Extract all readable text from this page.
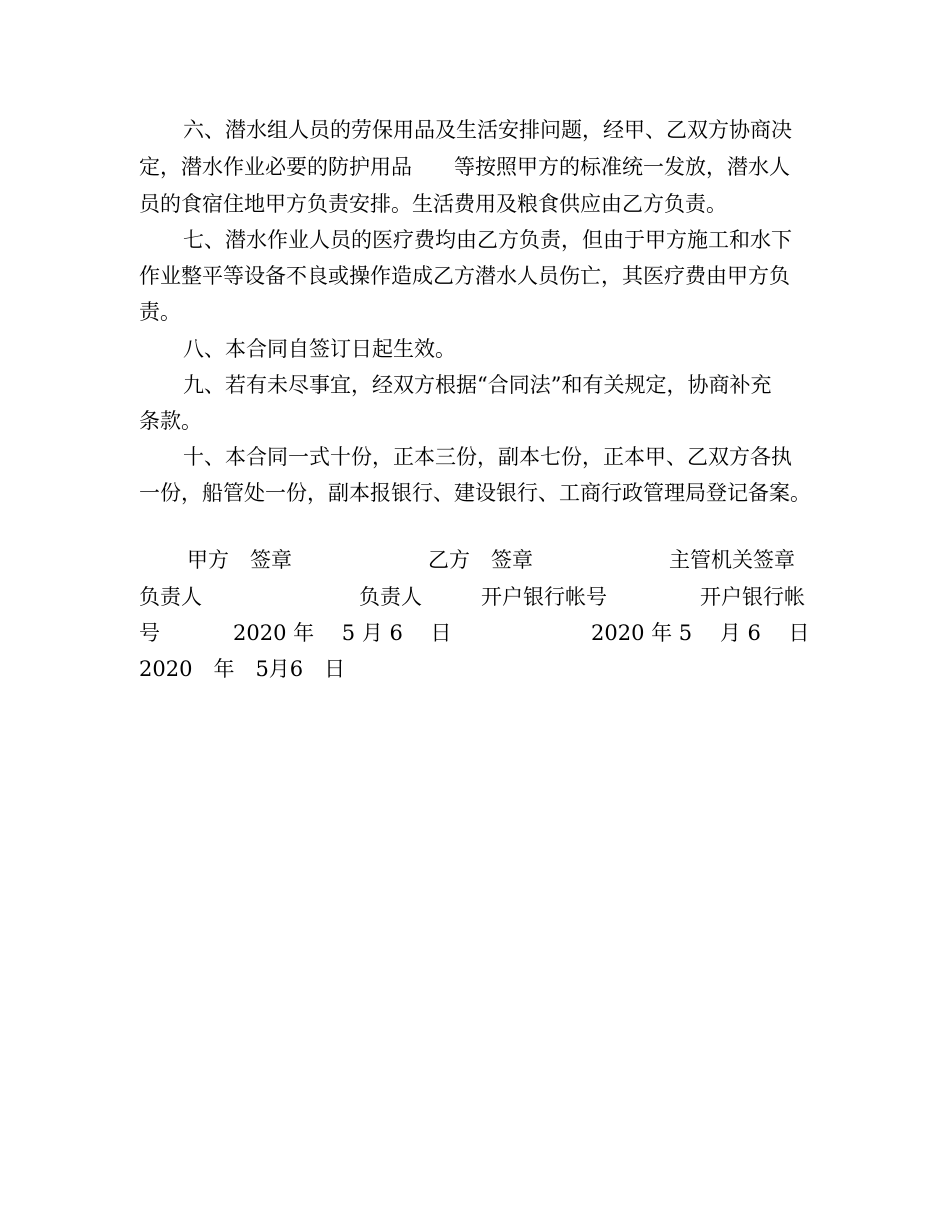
六、潜水组人员的劳保用品及生活安排问题，经甲、乙双方协商决
定，潜水作业必要的防护用品　　等按照甲方的标准统一发放，潜水人
员的食宿住地甲方负责安排。生活费用及粮食供应由乙方负责。
七、潜水作业人员的医疗费均由乙方负责，但由于甲方施工和水下
作业整平等设备不良或操作造成乙方潜水人员伤亡，其医疗费由甲方负
责。
八、本合同自签订日起生效。
九、若有未尽事宜，经双方根据“合同法”和有关规定，协商补充
条款。
十、本合同一式十份，正本三份，副本七份，正本甲、乙双方各执
一份，船管处一份，副本报银行、建设银行、工商行政管理局登记备案。
甲方　签章	乙方　签章	主管机关签章
负责人	负责人	开户银行帐号	开户银行帐
号	2020 年　 5 月 6　 日	2020 年 5　 月 6　 日
2020　年　5月6　日
